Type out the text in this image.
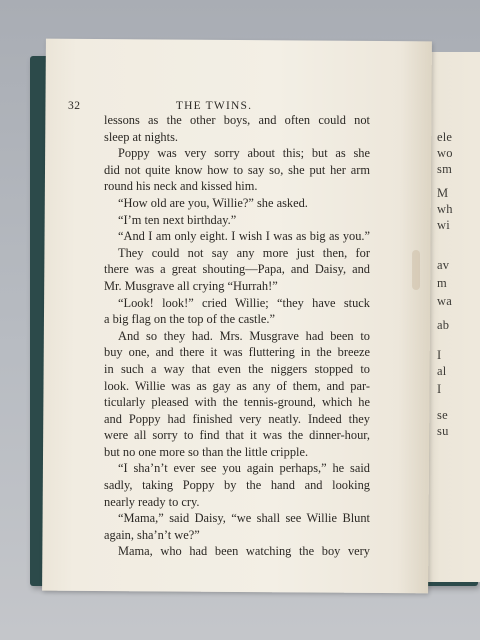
ele
wo
sm
M
wh
wi
av
m
wa
ab
I
al
I
se
su
32	THE TWINS.
lessons as the other boys, and often could not
sleep at nights.
Poppy was very sorry about this; but as she
did not quite know how to say so, she put her arm
round his neck and kissed him.
“How old are you, Willie?” she asked.
“I’m ten next birthday.”
“And I am only eight. I wish I was as big as you.”
They could not say any more just then, for
there was a great shouting—Papa, and Daisy, and
Mr. Musgrave all crying “Hurrah!”
“Look! look!” cried Willie; “they have stuck
a big flag on the top of the castle.”
And so they had. Mrs. Musgrave had been to
buy one, and there it was fluttering in the breeze
in such a way that even the niggers stopped to
look. Willie was as gay as any of them, and par-
ticularly pleased with the tennis-ground, which he
and Poppy had finished very neatly. Indeed they
were all sorry to find that it was the dinner-hour,
but no one more so than the little cripple.
“I sha’n’t ever see you again perhaps,” he said
sadly, taking Poppy by the hand and looking
nearly ready to cry.
“Mama,” said Daisy, “we shall see Willie Blunt
again, sha’n’t we?”
Mama, who had been watching the boy very
